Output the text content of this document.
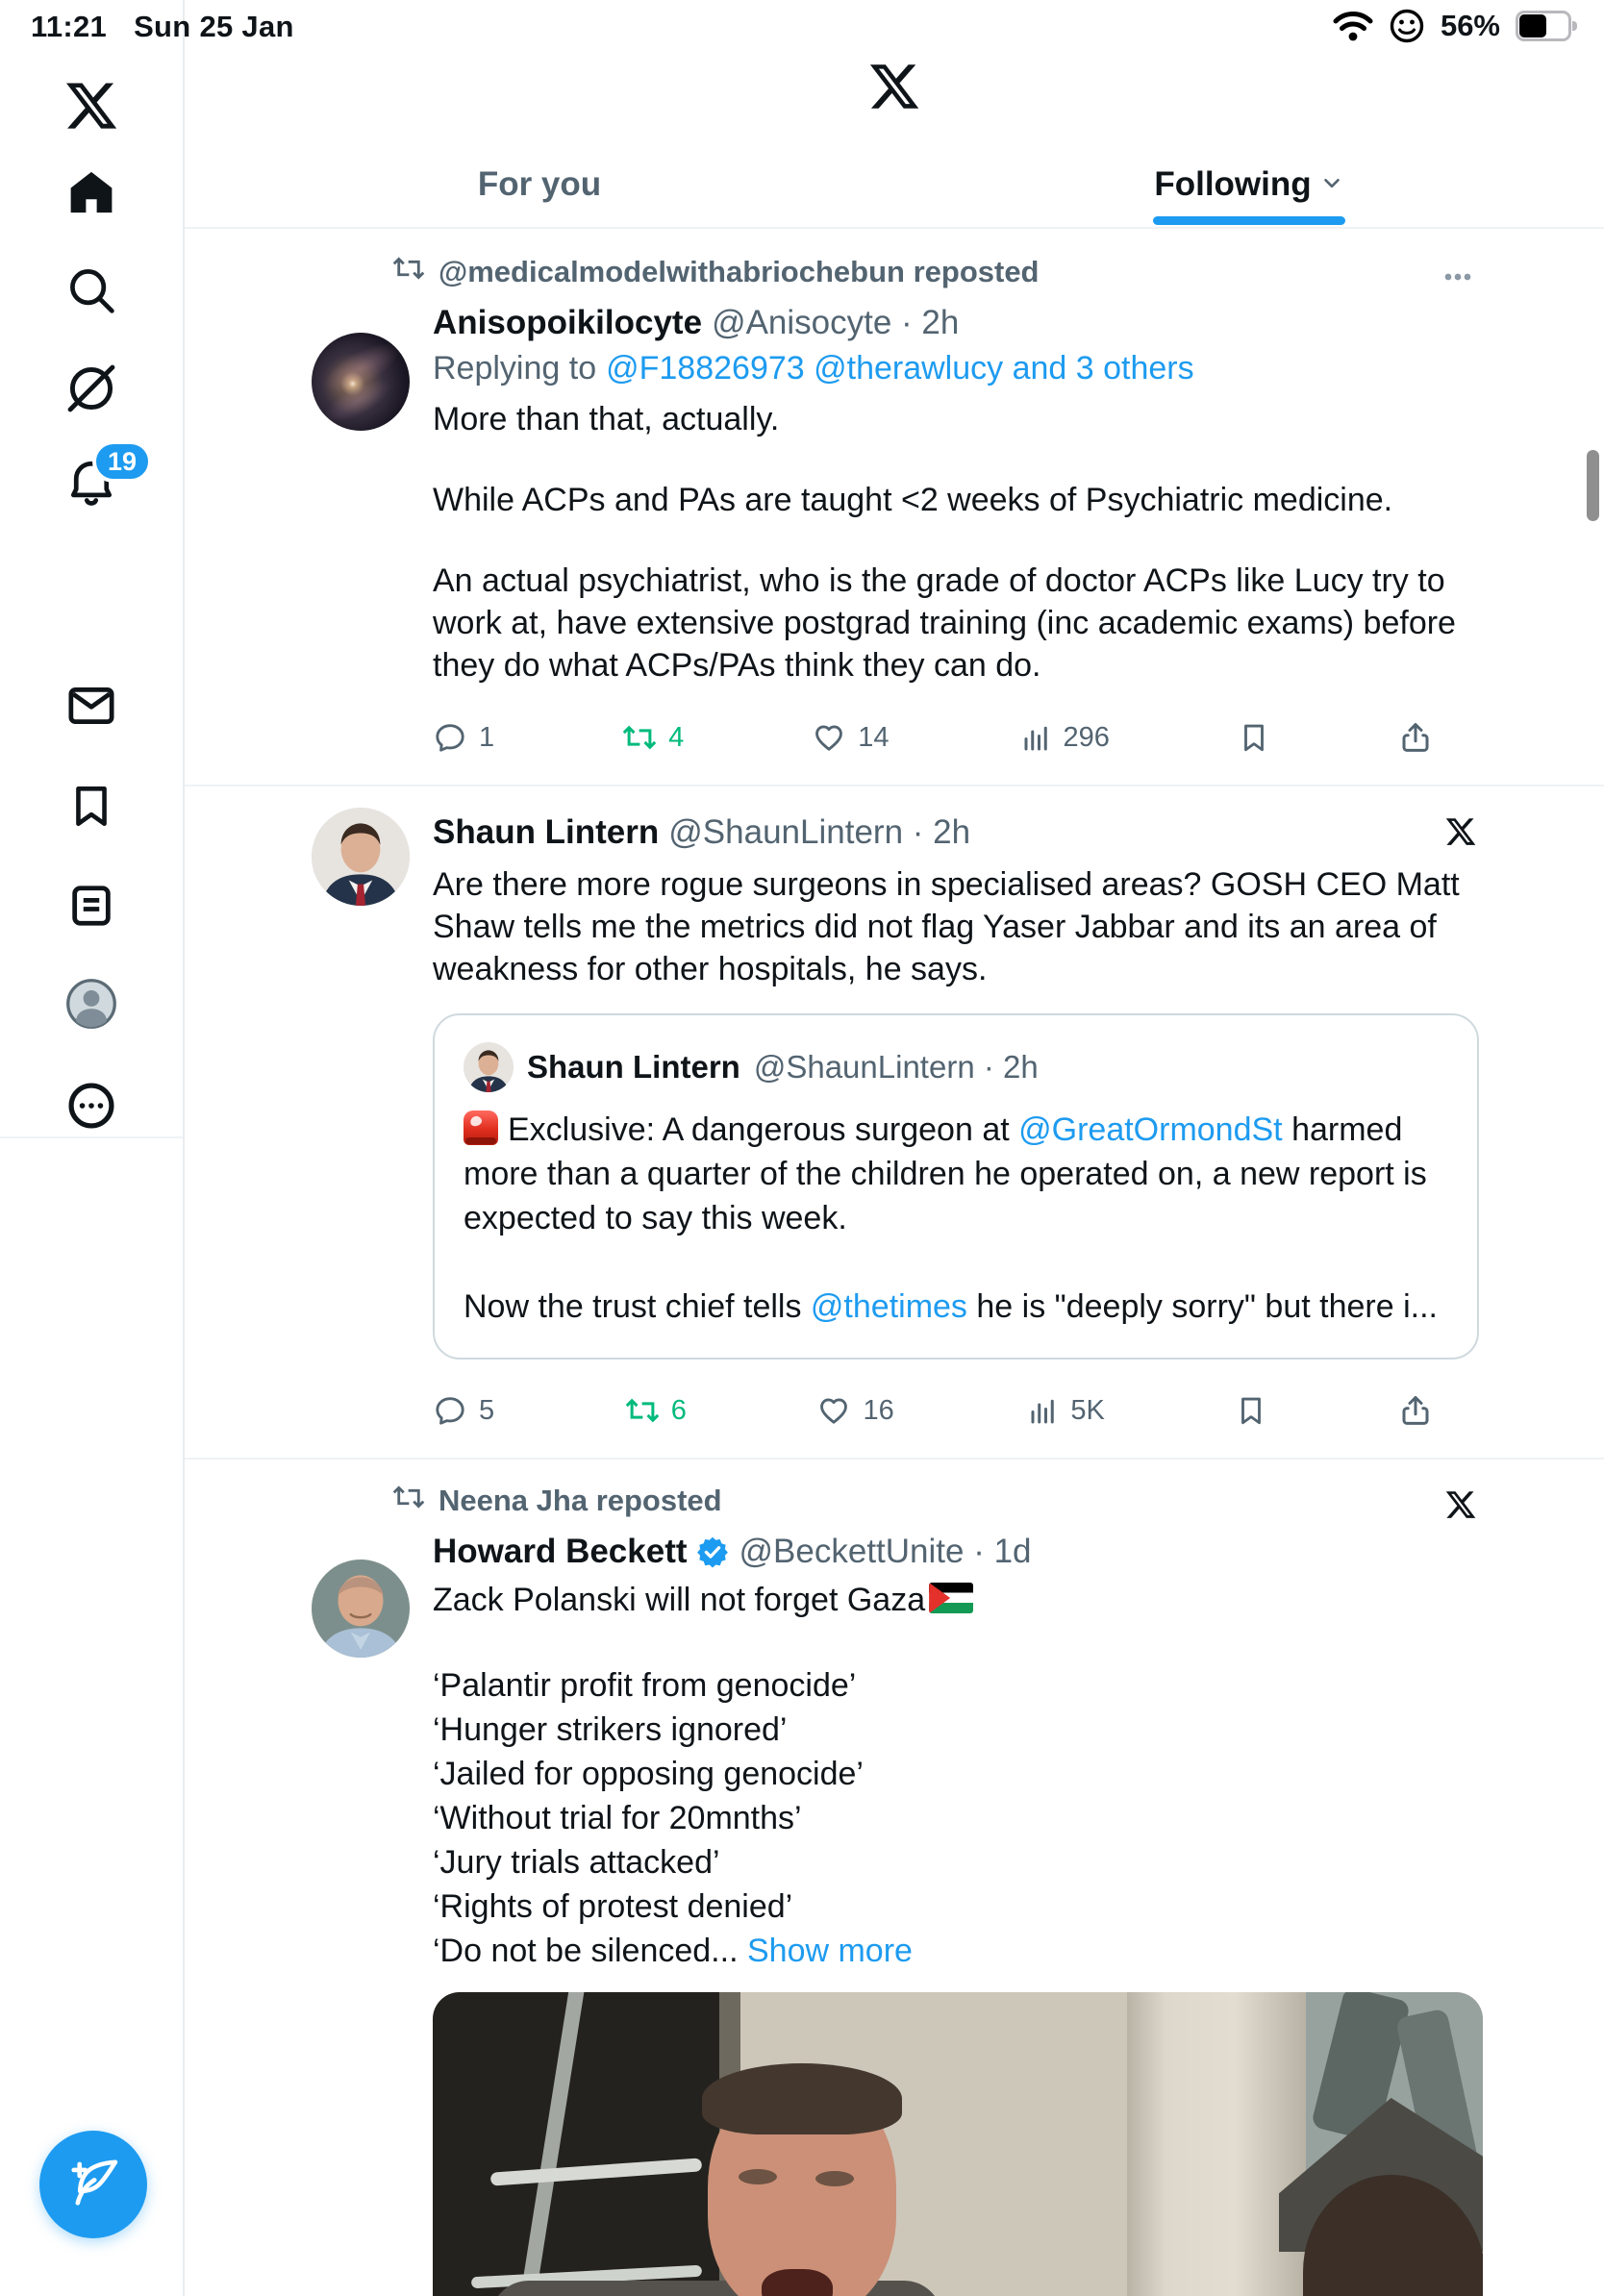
11:21 Sun 25 Jan	56%
19
For you	Following
@medicalmodelwithabriochebun reposted
Anisopoikilocyte @Anisocyte · 2h
Replying to @F18826973 @therawlucy and 3 others

More than that, actually.

While ACPs and PAs are taught <2 weeks of Psychiatric medicine.

An actual psychiatrist, who is the grade of doctor ACPs like Lucy try to work at, have extensive postgrad training (inc academic exams) before they do what ACPs/PAs think they can do.

1	4	14	296
Shaun Lintern @ShaunLintern · 2h

Are there more rogue surgeons in specialised areas? GOSH CEO Matt Shaw tells me the metrics did not flag Yaser Jabbar and its an area of weakness for other hospitals, he says.

Shaun Lintern @ShaunLintern · 2h

Exclusive: A dangerous surgeon at @GreatOrmondSt harmed more than a quarter of the children he operated on, a new report is expected to say this week.

Now the trust chief tells @thetimes he is "deeply sorry" but there i...

5	6	16	5K
Neena Jha reposted
Howard Beckett @BeckettUnite · 1d

Zack Polanski will not forget Gaza

‘Palantir profit from genocide’
‘Hunger strikers ignored’
‘Jailed for opposing genocide’
‘Without trial for 20mnths’
‘Jury trials attacked’
‘Rights of protest denied’
‘Do not be silenced... Show more
